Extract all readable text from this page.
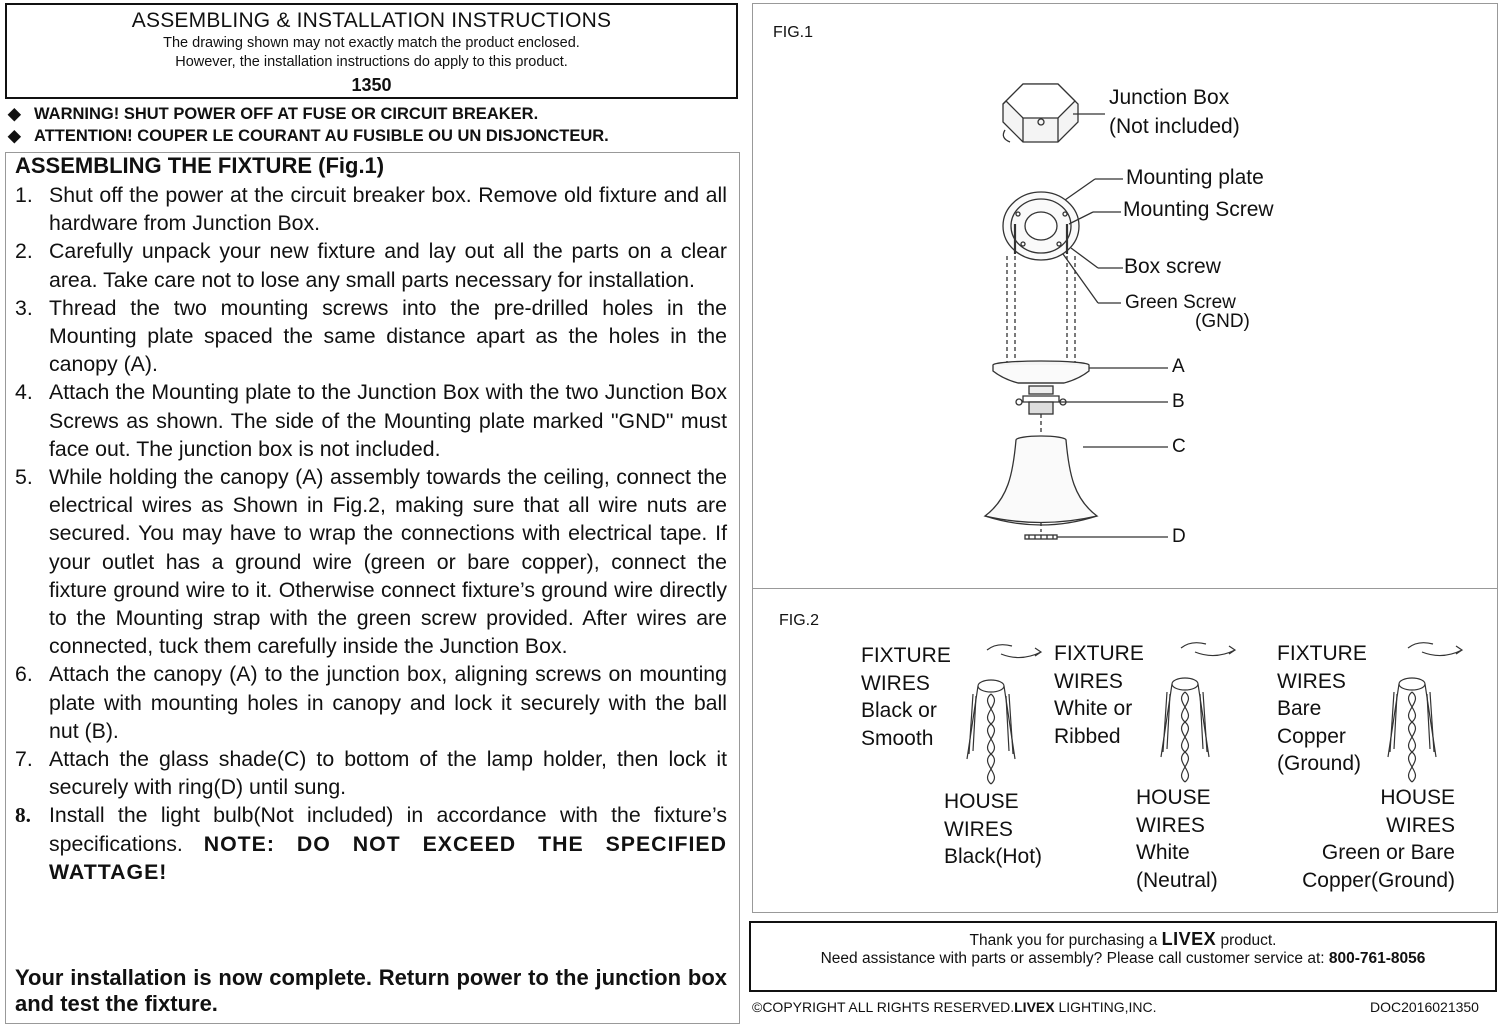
ASSEMBLING & INSTALLATION INSTRUCTIONS
The drawing shown may not exactly match the product enclosed.
However, the installation instructions do apply to this product.
1350
◆ WARNING! SHUT POWER OFF AT FUSE OR CIRCUIT BREAKER.
◆ ATTENTION! COUPER LE COURANT AU FUSIBLE OU UN DISJONCTEUR.
ASSEMBLING THE FIXTURE (Fig.1)
1. Shut off the power at the circuit breaker box. Remove old fixture and all hardware from Junction Box.
2. Carefully unpack your new fixture and lay out all the parts on a clear area. Take care not to lose any small parts necessary for installation.
3. Thread the two mounting screws into the pre-drilled holes in the Mounting plate spaced the same distance apart as the holes in the canopy (A).
4. Attach the Mounting plate to the Junction Box with the two Junction Box Screws as shown. The side of the Mounting plate marked "GND" must face out. The junction box is not included.
5. While holding the canopy (A) assembly towards the ceiling, connect the electrical wires as Shown in Fig.2, making sure that all wire nuts are secured. You may have to wrap the connections with electrical tape. If your outlet has a ground wire (green or bare copper), connect the fixture ground wire to it. Otherwise connect fixture’s ground wire directly to the Mounting strap with the green screw provided. After wires are connected, tuck them carefully inside the Junction Box.
6. Attach the canopy (A) to the junction box, aligning screws on mounting plate with mounting holes in canopy and lock it securely with the ball nut (B).
7. Attach the glass shade(C) to bottom of the lamp holder, then lock it securely with ring(D) until sung.
8. Install the light bulb(Not included) in accordance with the fixture’s specifications. NOTE: DO NOT EXCEED THE SPECIFIED WATTAGE!
Your installation is now complete. Return power to the junction box and test the fixture.
FIG.1
FIG.2
Junction Box
(Not included)
Mounting plate
Mounting Screw
Box screw
Green Screw
(GND)
A
B
C
D
FIXTURE
WIRES
Black or
Smooth
HOUSE
WIRES
Black(Hot)
FIXTURE
WIRES
White or
Ribbed
HOUSE
WIRES
White
(Neutral)
FIXTURE
WIRES
Bare
Copper
(Ground)
HOUSE
WIRES
Green or Bare
Copper(Ground)
Thank you for purchasing a LIVEX product.
Need assistance with parts or assembly? Please call customer service at: 800-761-8056
©COPYRIGHT ALL RIGHTS RESERVED.LIVEX LIGHTING,INC.	DOC2016021350
